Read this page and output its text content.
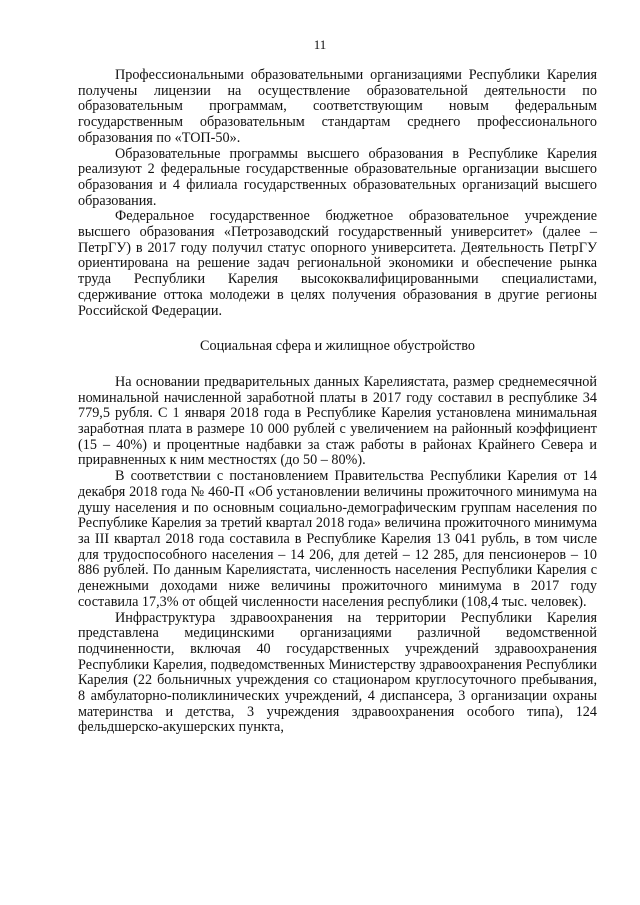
11

Профессиональными образовательными организациями Республики Карелия получены лицензии на осуществление образовательной деятельности по образовательным программам, соответствующим новым федеральным государственным образовательным стандартам среднего профессионального образования по «ТОП-50».

Образовательные программы высшего образования в Республике Карелия реализуют 2 федеральные государственные образовательные организации высшего образования и 4 филиала государственных образовательных организаций высшего образования.

Федеральное государственное бюджетное образовательное учреждение высшего образования «Петрозаводский государственный университет» (далее – ПетрГУ) в 2017 году получил статус опорного университета. Деятельность ПетрГУ ориентирована на решение задач региональной экономики и обеспечение рынка труда Республики Карелия высококвалифицированными специалистами, сдерживание оттока молодежи в целях получения образования в другие регионы Российской Федерации.

Социальная сфера и жилищное обустройство

На основании предварительных данных Карелиястата, размер среднемесячной номинальной начисленной заработной платы в 2017 году составил в республике 34 779,5 рубля. С 1 января 2018 года в Республике Карелия установлена минимальная заработная плата в размере 10 000 рублей с увеличением на районный коэффициент (15 – 40%) и процентные надбавки за стаж работы в районах Крайнего Севера и приравненных к ним местностях (до 50 – 80%).

В соответствии с постановлением Правительства Республики Карелия от 14 декабря 2018 года № 460-П «Об установлении величины прожиточного минимума на душу населения и по основным социально-демографическим группам населения по Республике Карелия за третий квартал 2018 года» величина прожиточного минимума за III квартал 2018 года составила в Республике Карелия 13 041 рубль, в том числе для трудоспособного населения – 14 206, для детей – 12 285, для пенсионеров – 10 886 рублей. По данным Карелиястата, численность населения Республики Карелия с денежными доходами ниже величины прожиточного минимума в 2017 году составила 17,3% от общей численности населения республики (108,4 тыс. человек).

Инфраструктура здравоохранения на территории Республики Карелия представлена медицинскими организациями различной ведомственной подчиненности, включая 40 государственных учреждений здравоохранения Республики Карелия, подведомственных Министерству здравоохранения Республики Карелия (22 больничных учреждения со стационаром круглосуточного пребывания, 8 амбулаторно-поликлинических учреждений, 4 диспансера, 3 организации охраны материнства и детства, 3 учреждения здравоохранения особого типа), 124 фельдшерско-акушерских пункта,
